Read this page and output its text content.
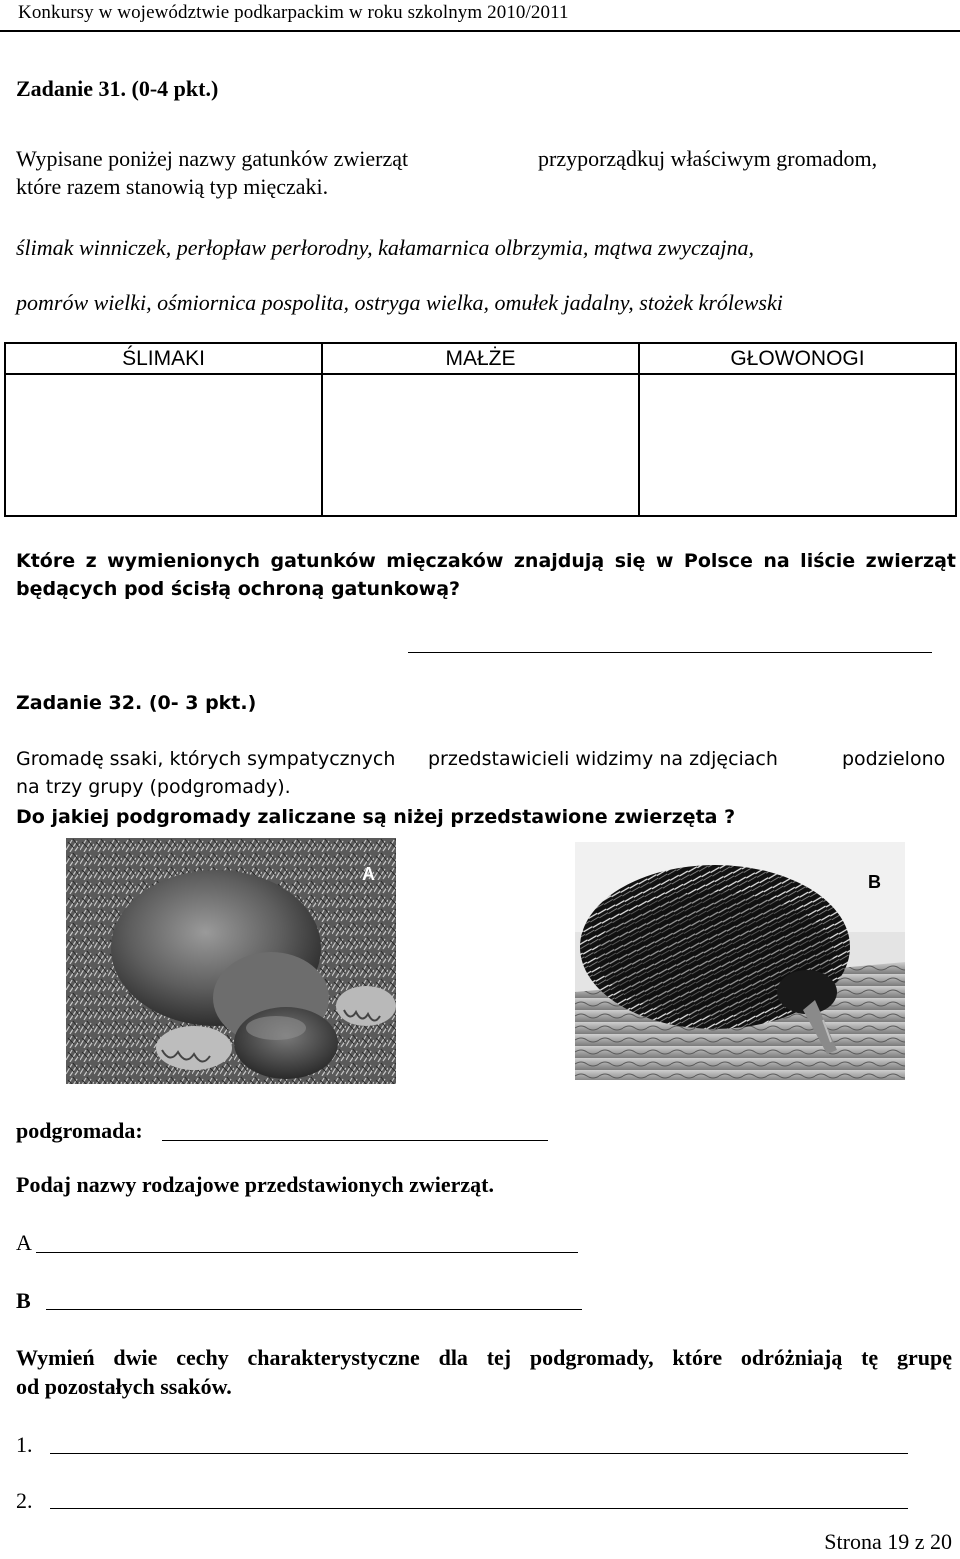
Konkursy w województwie podkarpackim w roku szkolnym 2010/2011
Zadanie 31. (0-4 pkt.)
Wypisane poniżej nazwy gatunków zwierząt	przyporządkuj właściwym gromadom,
które razem stanowią typ mięczaki.
ślimak winniczek, perłopław perłorodny, kałamarnica olbrzymia, mątwa zwyczajna,
pomrów wielki, ośmiornica pospolita, ostryga wielka, omułek jadalny, stożek królewski
ŚLIMAKI	MAŁŻE	GŁOWONOGI

Które z wymienionych gatunków mięczaków znajdują się w Polsce na liście zwierząt
będących pod ścisłą ochroną gatunkową?
Zadanie 32. (0- 3 pkt.)
Gromadę ssaki, których sympatycznych przedstawicieli widzimy na zdjęciach	podzielono
na trzy grupy (podgromady).
Do jakiej podgromady zaliczane są niżej przedstawione zwierzęta ?
A	B
podgromada:
Podaj nazwy rodzajowe przedstawionych zwierząt.
A
B
Wymień dwie cechy charakterystyczne dla tej podgromady, które odróżniają tę grupę
od pozostałych ssaków.
1.
2.
Strona 19 z 20
